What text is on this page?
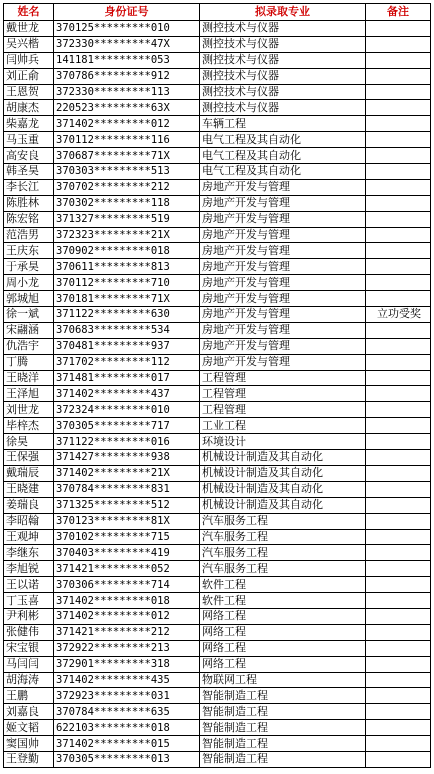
姓名	身份证号	拟录取专业	备注
戴世龙	370125*********010	测控技术与仪器	
吴兴楷	372330*********47X	测控技术与仪器	
闫帅兵	141181*********053	测控技术与仪器	
刘正俞	370786*********912	测控技术与仪器	
王恩贺	372330*********113	测控技术与仪器	
胡康杰	220523*********63X	测控技术与仪器	
柴嘉龙	371402*********012	车辆工程	
马玉重	370112*********116	电气工程及其自动化	
高安良	370687*********71X	电气工程及其自动化	
韩圣昊	370303*********513	电气工程及其自动化	
李长江	370702*********212	房地产开发与管理	
陈胜林	370302*********118	房地产开发与管理	
陈宏铭	371327*********519	房地产开发与管理	
范浩男	372323*********21X	房地产开发与管理	
王庆东	370902*********018	房地产开发与管理	
于承昊	370611*********813	房地产开发与管理	
周小龙	370112*********710	房地产开发与管理	
郭城旭	370181*********71X	房地产开发与管理	
徐一斌	371122*********630	房地产开发与管理	立功受奖
宋翮涵	370683*********534	房地产开发与管理	
仇浩宇	370481*********937	房地产开发与管理	
丁腾	371702*********112	房地产开发与管理	
王晓洋	371481*********017	工程管理	
王泽旭	371402*********437	工程管理	
刘世龙	372324*********010	工程管理	
毕梓杰	370305*********717	工业工程	
徐昊	371122*********016	环境设计	
王保强	371427*********938	机械设计制造及其自动化	
戴瑞辰	371402*********21X	机械设计制造及其自动化	
王晓建	370784*********831	机械设计制造及其自动化	
姜瑞良	371325*********512	机械设计制造及其自动化	
李昭翰	370123*********81X	汽车服务工程	
王观坤	370102*********715	汽车服务工程	
李继东	370403*********419	汽车服务工程	
李旭锐	371421*********052	汽车服务工程	
王以诺	370306*********714	软件工程	
丁玉喜	371402*********018	软件工程	
尹利彬	371402*********012	网络工程	
张健伟	371421*********212	网络工程	
宋宝银	372922*********213	网络工程	
马闫闫	372901*********318	网络工程	
胡海涛	371402*********435	物联网工程	
王鹏	372923*********031	智能制造工程	
刘嘉良	370784*********635	智能制造工程	
姬文韬	622103*********018	智能制造工程	
窦国帅	371402*********015	智能制造工程	
王登勤	370305*********013	智能制造工程	
